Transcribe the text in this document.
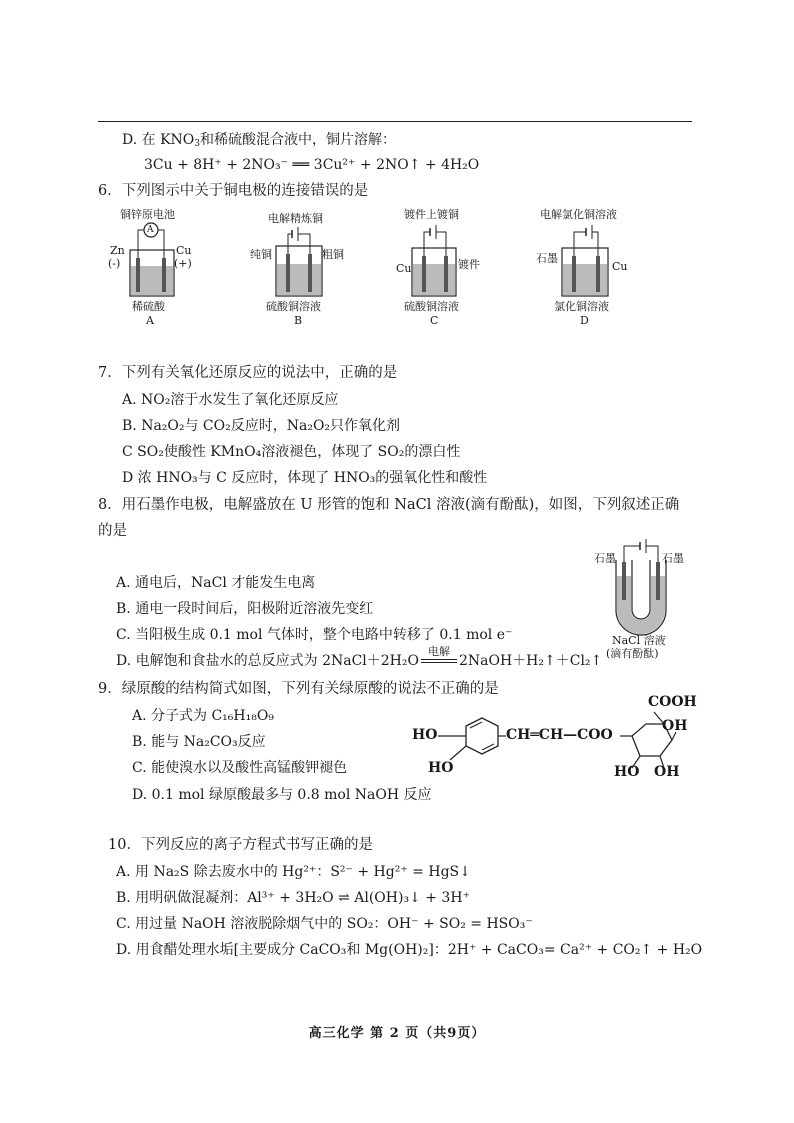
D. 在 $KNO_3$和稀硫酸混合液中，铜片溶解：
3Cu + 8H⁺ + 2NO₃⁻ ══ 3Cu²⁺ + 2NO↑ + 4H₂O
6．下列图示中关于铜电极的连接错误的是
铜锌原电池
A
Zn
(-)
Cu
(+)
稀硫酸
A
电解精炼铜
纯铜	粗铜
硫酸铜溶液
B
镀件上镀铜
Cu	镀件
硫酸铜溶液
C
电解氯化铜溶液
石墨
Cu
氯化铜溶液
D
7．下列有关氧化还原反应的说法中，正确的是
A. NO₂溶于水发生了氧化还原反应
B. Na₂O₂与 CO₂反应时，Na₂O₂只作氧化剂
C SO₂使酸性 KMnO₄溶液褪色，体现了 SO₂的漂白性
D 浓 HNO₃与 C 反应时，体现了 HNO₃的强氧化性和酸性
8．用石墨作电极，电解盛放在 U 形管的饱和 NaCl 溶液(滴有酚酞)，如图，下列叙述正确
的是
A. 通电后，NaCl 才能发生电离
B. 通电一段时间后，阳极附近溶液先变红
C. 当阳极生成 0.1 mol 气体时，整个电路中转移了 0.1 mol e⁻
D. 电解饱和食盐水的总反应式为 2NaCl＋2H₂O
电解
2NaOH＋H₂↑＋Cl₂↑
石墨	石墨
NaCl 溶液
(滴有酚酞)
9．绿原酸的结构简式如图，下列有关绿原酸的说法不正确的是
A. 分子式为 C₁₆H₁₈O₉
B. 能与 Na₂CO₃反应
C. 能使溴水以及酸性高锰酸钾褪色
D. 0.1 mol 绿原酸最多与 0.8 mol NaOH 反应
HO
HO
CH═CH—COO
COOH
OH
HO OH
10．下列反应的离子方程式书写正确的是
A. 用 Na₂S 除去废水中的 Hg²⁺：S²⁻ + Hg²⁺ = HgS↓
B. 用明矾做混凝剂：Al³⁺ + 3H₂O ⇌ Al(OH)₃↓ + 3H⁺
C. 用过量 NaOH 溶液脱除烟气中的 SO₂：OH⁻ + SO₂ = HSO₃⁻
D. 用食醋处理水垢[主要成分 CaCO₃和 Mg(OH)₂]：2H⁺ + CaCO₃= Ca²⁺ + CO₂↑ + H₂O
高三化学 第 2 页（共9页）
